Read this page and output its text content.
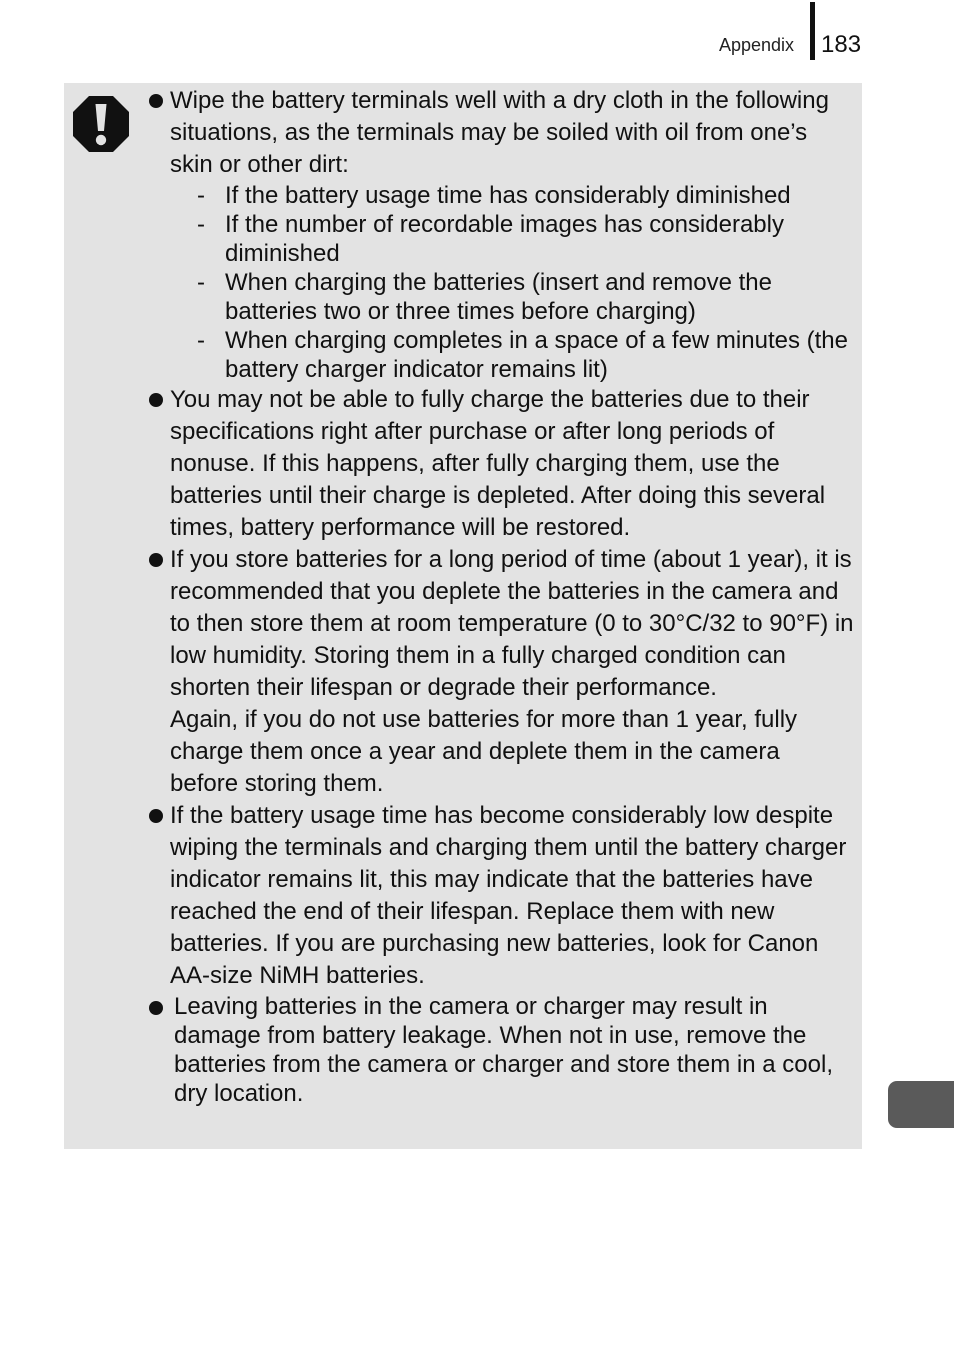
Appendix 183

Wipe the battery terminals well with a dry cloth in the following situations, as the terminals may be soiled with oil from one’s skin or other dirt:

- If the battery usage time has considerably diminished
- If the number of recordable images has considerably diminished
- When charging the batteries (insert and remove the batteries two or three times before charging)
- When charging completes in a space of a few minutes (the battery charger indicator remains lit)

You may not be able to fully charge the batteries due to their specifications right after purchase or after long periods of nonuse. If this happens, after fully charging them, use the batteries until their charge is depleted. After doing this several times, battery performance will be restored.

If you store batteries for a long period of time (about 1 year), it is recommended that you deplete the batteries in the camera and to then store them at room temperature (0 to 30°C/32 to 90°F) in low humidity. Storing them in a fully charged condition can shorten their lifespan or degrade their performance.

Again, if you do not use batteries for more than 1 year, fully charge them once a year and deplete them in the camera before storing them.

If the battery usage time has become considerably low despite wiping the terminals and charging them until the battery charger indicator remains lit, this may indicate that the batteries have reached the end of their lifespan. Replace them with new batteries. If you are purchasing new batteries, look for Canon AA-size NiMH batteries.

Leaving batteries in the camera or charger may result in damage from battery leakage. When not in use, remove the batteries from the camera or charger and store them in a cool, dry location.
